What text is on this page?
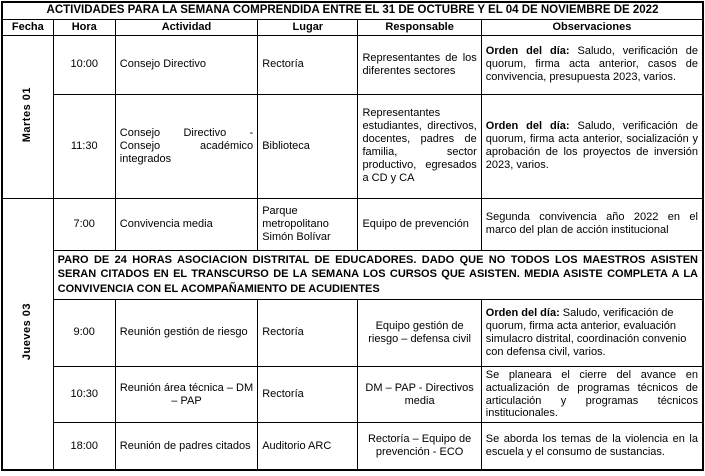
ACTIVIDADES PARA LA SEMANA COMPRENDIDA ENTRE EL 31 DE OCTUBRE Y EL 04 DE NOVIEMBRE DE 2022					
Fecha	Hora	Actividad	Lugar	Responsable	Observaciones
Martes 01	10:00	Consejo Directivo	Rectoría	Representantes de los diferentes sectores	Orden del día: Saludo, verificación de quorum, firma acta anterior, casos de convivencia, presupuesta 2023, varios.
	11:30	Consejo Directivo - Consejo académico integrados	Biblioteca	Representantes estudiantes, directivos, docentes, padres de familia, sector productivo, egresados a CD y CA	Orden del día: Saludo, verificación de quorum, firma acta anterior, socialización y aprobación de los proyectos de inversión 2023, varios.
Jueves 03	7:00	Convivencia media	Parque metropolitano Simón Bolívar	Equipo de prevención	Segunda convivencia año 2022 en el marco del plan de acción institucional
	PARO DE 24 HORAS ASOCIACION DISTRITAL DE EDUCADORES. DADO QUE NO TODOS LOS MAESTROS ASISTEN SERAN CITADOS EN EL TRANSCURSO DE LA SEMANA LOS CURSOS QUE ASISTEN. MEDIA ASISTE COMPLETA A LA CONVIVENCIA CON EL ACOMPAÑAMIENTO DE ACUDIENTES				
	9:00	Reunión gestión de riesgo	Rectoría	Equipo gestión de riesgo – defensa civil	Orden del día: Saludo, verificación de quorum, firma acta anterior, evaluación simulacro distrital, coordinación convenio con defensa civil, varios.
	10:30	Reunión área técnica – DM – PAP	Rectoría	DM – PAP - Directivos media	Se planeara el cierre del avance en actualización de programas técnicos de articulación y programas técnicos institucionales.
	18:00	Reunión de padres citados	Auditorio ARC	Rectoría – Equipo de prevención - ECO	Se aborda los temas de la violencia en la escuela y el consumo de sustancias.
